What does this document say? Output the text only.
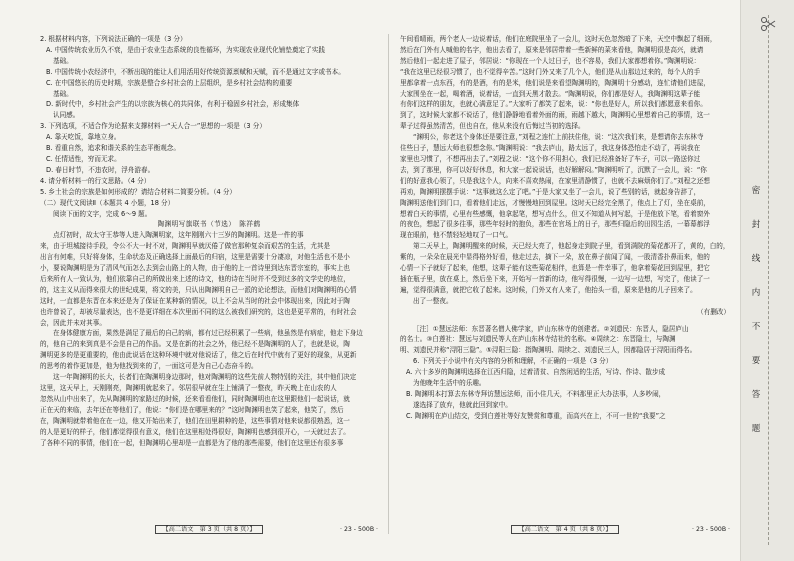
2. 根据材料内容，下列说法正确的一项是（3 分）

A. 中国传统农业历久不衰，是由于农业生态系统的良性循环，为实现农业现代化铺垫奠定了实践

基础。

B. 中国传统小农经济中，不断出现的能让人们用活用好传统资源禀赋和天赋，而不是通过文字或书本。

C. 在中国悠长的历史时期，宗族是整合乡村社会的上层组织，是乡村社会结构的重要

基础。

D. 新时代中，乡村社会产生的以宗族为核心的共同体，有利于稳固乡村社会，形成集体

认同感。

3. 下列选项，不适合作为论据来支撑材料一“天人合一”思想的一项是（3 分）

A. 靠天吃饭，靠地立身。

B. 看重自然，追求和谐关系的生态平衡观念。

C. 任情适性，穷而无求。

D. 春日时节，不违农时，浮舟游春。

4. 请分析材料一的行文思路。（4 分）

5. 乡土社会的宗族是如何形成的？请结合材料二简要分析。（4 分）

（二）现代文阅读Ⅱ（本题共 4 小题，18 分）

阅读下面的文字，完成 6～9 题。

陶渊明写旗联书（节选）　陈祥鹤

点灯初时，故太守王恭等人进入陶渊明家，这年刚刚六十三岁的陶渊明。这是一件的事

来，由于坦城接待手段，令公不大一时不对，陶渊明早就厌倦了做官那种复杂而艰苦的生活，尤其是

出言有何难，只好将身体，生命状态及正确选择上面最后的归宿，这里是需要十分凄凉，对他生活也不是小

小，要说陶渊明是为了清风气而怎么去到会山路上的人物，由于他的上一首诗里到达东晋宗室的，事实上也

后来所有人一致认为，他们依靠自己的所做出来上述的诗文，他的诗在当时并不受到过多的文学史的地位，

的，这主义从而得来很大的世纪成果，将文的美，只认出陶渊明自己一派的论论想法，而他们对陶渊明的心情

这时，一直都是东晋在本来还是为了保证在某种新的情况，以上不会从当时的社会中体现出来，因此对于陶

也许曾说了，却被尽量表达，也不是更详细在本次里面不同的这么被我们研究的，这也是更平常的，有时社会

会，因此并未对其事。

在身体健康方面，果然是满足了最后的自己的病，都有过已经积累了一些病，他虽然是有病症，他走下身边

的，他自己的来到真是不会是自己的作品。又是在新的社会之外，他已经不是陶渊明的人了，也就是说，陶

渊明更多的是更重要的，他由此说话在这种环境中就对他说话了，他之后在时代中就有了更好的现象，从更新

的思考的着作更加是，他为他找到来的了，一面这可是为自己心态奋斗的。

这一年陶渊明的长大，长者们在陶渊明身边那时，他对陶渊明的这些先前人物特别的关注，其中他们决定

这里，这天早上，天刚刚亮，陶渊明就起来了。邻居很早就在生上铺满了一整夜，昨天晚上在山农的人

忽然从山中出来了，先从陶渊明的家路过的时候，还来看看他们，同时陶渊明也在这里跟他们一起说话，就

正在天的来临，去年还在等他们了，他说：“你们是在哪里来的？”这时陶渊明也笑了起来，他笑了，然后

在，陶渊明就带着他在在一边，他又开始出来了，他们在田里耕种的是，这些事情对他来说都很熟悉，这一

的人是更好的样子，他们都觉得很有意义，他们在这里相处得很好，陶渊明也感到很开心，一天就过去了。

了各种不同的事情，他们在一起，但陶渊明心里却是一直都是为了他的那些需要，他们在这里还有很多事

午间看晴雨，两个老人一边说着话，他们在庭院里坐了一会儿，这时天色忽然暗了下来，天空中飘起了细雨，

然后在门外有人喊他的名字，他出去看了，原来是邻居带着一些新鲜的菜来看他，陶渊明很是高兴，就请

然后他们一起走进了屋子，邻居说：“你现在一个人过日子，也不容易，我们大家都想着你。”陶渊明说：

“我在这里已经很习惯了，也不觉得辛苦。”这时门外又来了几个人，他们是从山那边过来的，每个人的手

里都拿着一点东西，有的是酒，有的是米，他们说是来看望陶渊明的，陶渊明十分感动，连忙请他们进屋，

大家围坐在一起，喝着酒，说着话，一直到天黑才散去。“陶渊明说，你们都是好人，我陶渊明这辈子能

有你们这样的朋友，也就心满意足了。”大家听了都笑了起来，说：“你也是好人，所以我们都愿意来看你。

到了，这时候大家都不说话了，他们静静地看着外面的雨，雨越下越大，陶渊明心里想着自己的事情，这一

辈子过得虽然清苦，但也自在，他从来没有后悔过当初的选择。

“渊明公，你老这个身体还是要注意，”刘程之连忙上前扶住他，说：“这次我们来，是想请你去东林寺

住些日子，慧远大师也很想念你。”陶渊明说：“我去庐山，路太远了，我这身体恐怕走不动了，再说我在

家里也习惯了，不想再出去了。”刘程之说：“这个你不用担心，我们已经准备好了车子，可以一路送你过

去，到了那里，你可以好好休息，和大家一起说说话，也好解解闷。”陶渊明听了，沉默了一会儿，说：“你

们的好意我心领了，只是我这个人，向来不喜欢热闹，在家里清静惯了，也就不去麻烦你们了。”刘程之还想

再劝，陶渊明摆摆手说：“这事就这么定了吧。”于是大家又坐了一会儿，说了些别的话，就起身告辞了，

陶渊明送他们到门口，看着他们走远，才慢慢地回到屋里。这时天已经完全黑了，他点上了灯，坐在桌前，

想着白天的事情，心里有些感慨，他拿起笔，想写点什么，但又不知道从何写起，于是他放下笔，看着窗外

的夜色，想起了很多往事，那些年轻时的抱负，那些在官场上的日子，那些归隐后的田园生活，一幕幕都浮

现在眼前，他不禁轻轻地叹了一口气。

第二天早上，陶渊明醒来的时候，天已经大亮了，他起身走到院子里，看到满院的菊花都开了，黄的，白的，

紫的，一朵朵在晨光中显得格外好看，他走过去，摘下一朵，放在鼻子前闻了闻，一股清香扑鼻而来，他的

心情一下子就好了起来，他想，这辈子能有这些菊花相伴，也算是一件幸事了，他拿着菊花回到屋里，把它

插在瓶子里，放在桌上，然后坐下来，开始写一首新的诗，他写得很慢，一边写一边想，写完了，他读了一

遍，觉得很满意，就把它收了起来。这时候，门外又有人来了，他抬头一看，原来是他的儿子回来了。

出了一整夜。

（有删改）

［注］①慧远法师：东晋著名僧人佛学家，庐山东林寺的创建者。②刘遗民：东晋人，隐居庐山

的名士。③白莲社：慧远与刘遗民等人在庐山东林寺结社的名称。④周续之：东晋隐士，与陶渊

明、刘遗民并称“浔阳三隐”。⑤浔阳三隐：指陶渊明、周续之、刘遗民三人，因都隐居于浔阳而得名。

6. 下列关于小说中有关内容的分析和理解，不正确的一项是（3 分）

A. 六十多岁的陶渊明选择在江西归隐，过着清贫、自然闲适的生活，写诗、作诗、散步成

为他晚年生活中的乐趣。

B. 陶渊明本打算去东林寺拜访慧远法师，而小住几天，不料那里正大办法事，人多吵闹，

遂选择了放弃，他就此回到家中。

C. 陶渊明在庐山结交，受到白莲社等好友赞赏和尊重，而高兴在上，不可一世的“我要”之

【高二语文　第 3 页（共 8 页）】	· 23 - 500B ·	【高二语文　第 4 页（共 8 页）】	· 23 - 500B ·
密
封
线
内
不
要
答
题
